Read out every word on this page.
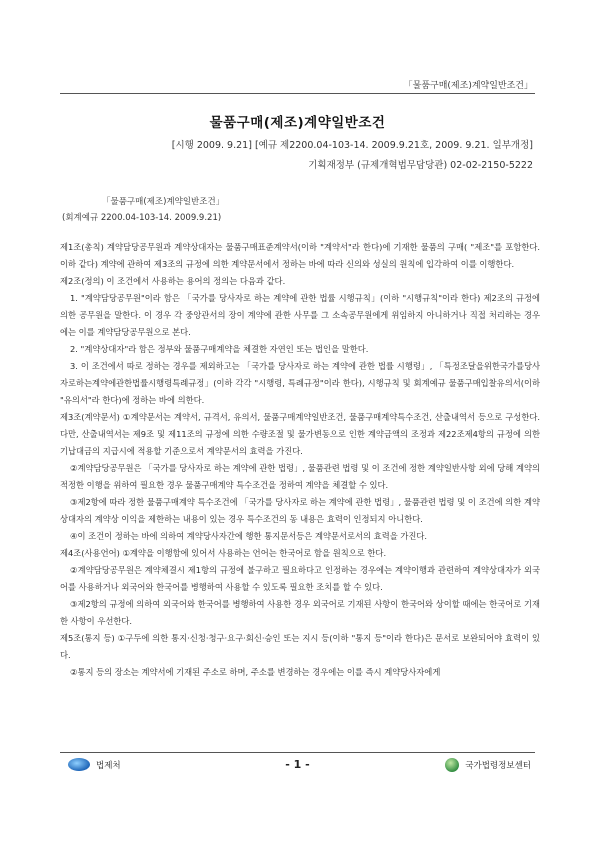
「물품구매(제조)계약일반조건」
물품구매(제조)계약일반조건
[시행 2009. 9.21] [예규 제2200.04-103-14. 2009.9.21호, 2009. 9.21. 일부개정]
기획재정부 (규제개혁법무담당관) 02-02-2150-5222
「물품구매(제조)계약일반조건」
(회계예규 2200.04-103-14. 2009.9.21)

제1조(총칙) 계약담당공무원과 계약상대자는 물품구매표준계약서(이하 "계약서"라 한다)에 기재한 물품의 구매( "제조"를 포함한다. 이하 같다) 계약에 관하여 제3조의 규정에 의한 계약문서에서 정하는 바에 따라 신의와 성실의 원칙에 입각하여 이를 이행한다.

제2조(정의) 이 조건에서 사용하는 용어의 정의는 다음과 같다.

1. "계약담당공무원"이라 함은 「국가를 당사자로 하는 계약에 관한 법률 시행규칙」(이하 "시행규칙"이라 한다) 제2조의 규정에 의한 공무원을 말한다. 이 경우 각 중앙관서의 장이 계약에 관한 사무를 그 소속공무원에게 위임하지 아니하거나 직접 처리하는 경우에는 이를 계약담당공무원으로 본다.

2. "계약상대자"라 함은 정부와 물품구매계약을 체결한 자연인 또는 법인을 말한다.

3. 이 조건에서 따로 정하는 경우를 제외하고는 「국가를 당사자로 하는 계약에 관한 법률 시행령」, 「특정조달을위한국가를당사자로하는계약에관한법률시행령특례규정」(이하 각각 "시행령, 특례규정"이라 한다), 시행규칙 및 회계예규 물품구매입찰유의서(이하 "유의서"라 한다)에 정하는 바에 의한다.

제3조(계약문서) ①계약문서는 계약서, 규격서, 유의서, 물품구매계약일반조건, 물품구매계약특수조건, 산출내역서 등으로 구성한다. 다만, 산출내역서는 제9조 및 제11조의 규정에 의한 수량조절 및 물가변동으로 인한 계약금액의 조정과 제22조제4항의 규정에 의한 기납대금의 지급시에 적용할 기준으로서 계약문서의 효력을 가진다.

②계약담당공무원은 「국가를 당사자로 하는 계약에 관한 법령」, 물품관련 법령 및 이 조건에 정한 계약일반사항 외에 당해 계약의 적정한 이행을 위하여 필요한 경우 물품구매계약 특수조건을 정하여 계약을 체결할 수 있다.

③제2항에 따라 정한 물품구매계약 특수조건에 「국가를 당사자로 하는 계약에 관한 법령」, 물품관련 법령 및 이 조건에 의한 계약상대자의 계약상 이익을 제한하는 내용이 있는 경우 특수조건의 동 내용은 효력이 인정되지 아니한다.

④이 조건이 정하는 바에 의하여 계약당사자간에 행한 통지문서등은 계약문서로서의 효력을 가진다.

제4조(사용언어) ①계약을 이행함에 있어서 사용하는 언어는 한국어로 함을 원칙으로 한다.

②계약담당공무원은 계약체결시 제1항의 규정에 불구하고 필요하다고 인정하는 경우에는 계약이행과 관련하여 계약상대자가 외국어를 사용하거나 외국어와 한국어를 병행하여 사용할 수 있도록 필요한 조치를 할 수 있다.

③제2항의 규정에 의하여 외국어와 한국어를 병행하여 사용한 경우 외국어로 기재된 사항이 한국어와 상이할 때에는 한국어로 기재한 사항이 우선한다.

제5조(통지 등) ①구두에 의한 통지·신청·청구·요구·회신·승인 또는 지시 등(이하 "통지 등"이라 한다)은 문서로 보완되어야 효력이 있다.

②통지 등의 장소는 계약서에 기재된 주소로 하며, 주소를 변경하는 경우에는 이를 즉시 계약당사자에게

법제처	- 1 -	국가법령정보센터
